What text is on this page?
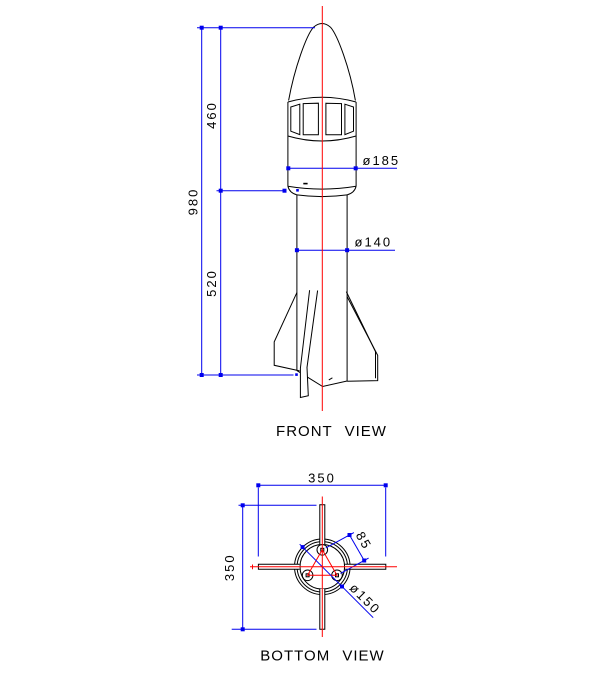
980
460
520
ø185
ø140
FRONT VIEW
350
350
85
ø150
BOTTOM VIEW
